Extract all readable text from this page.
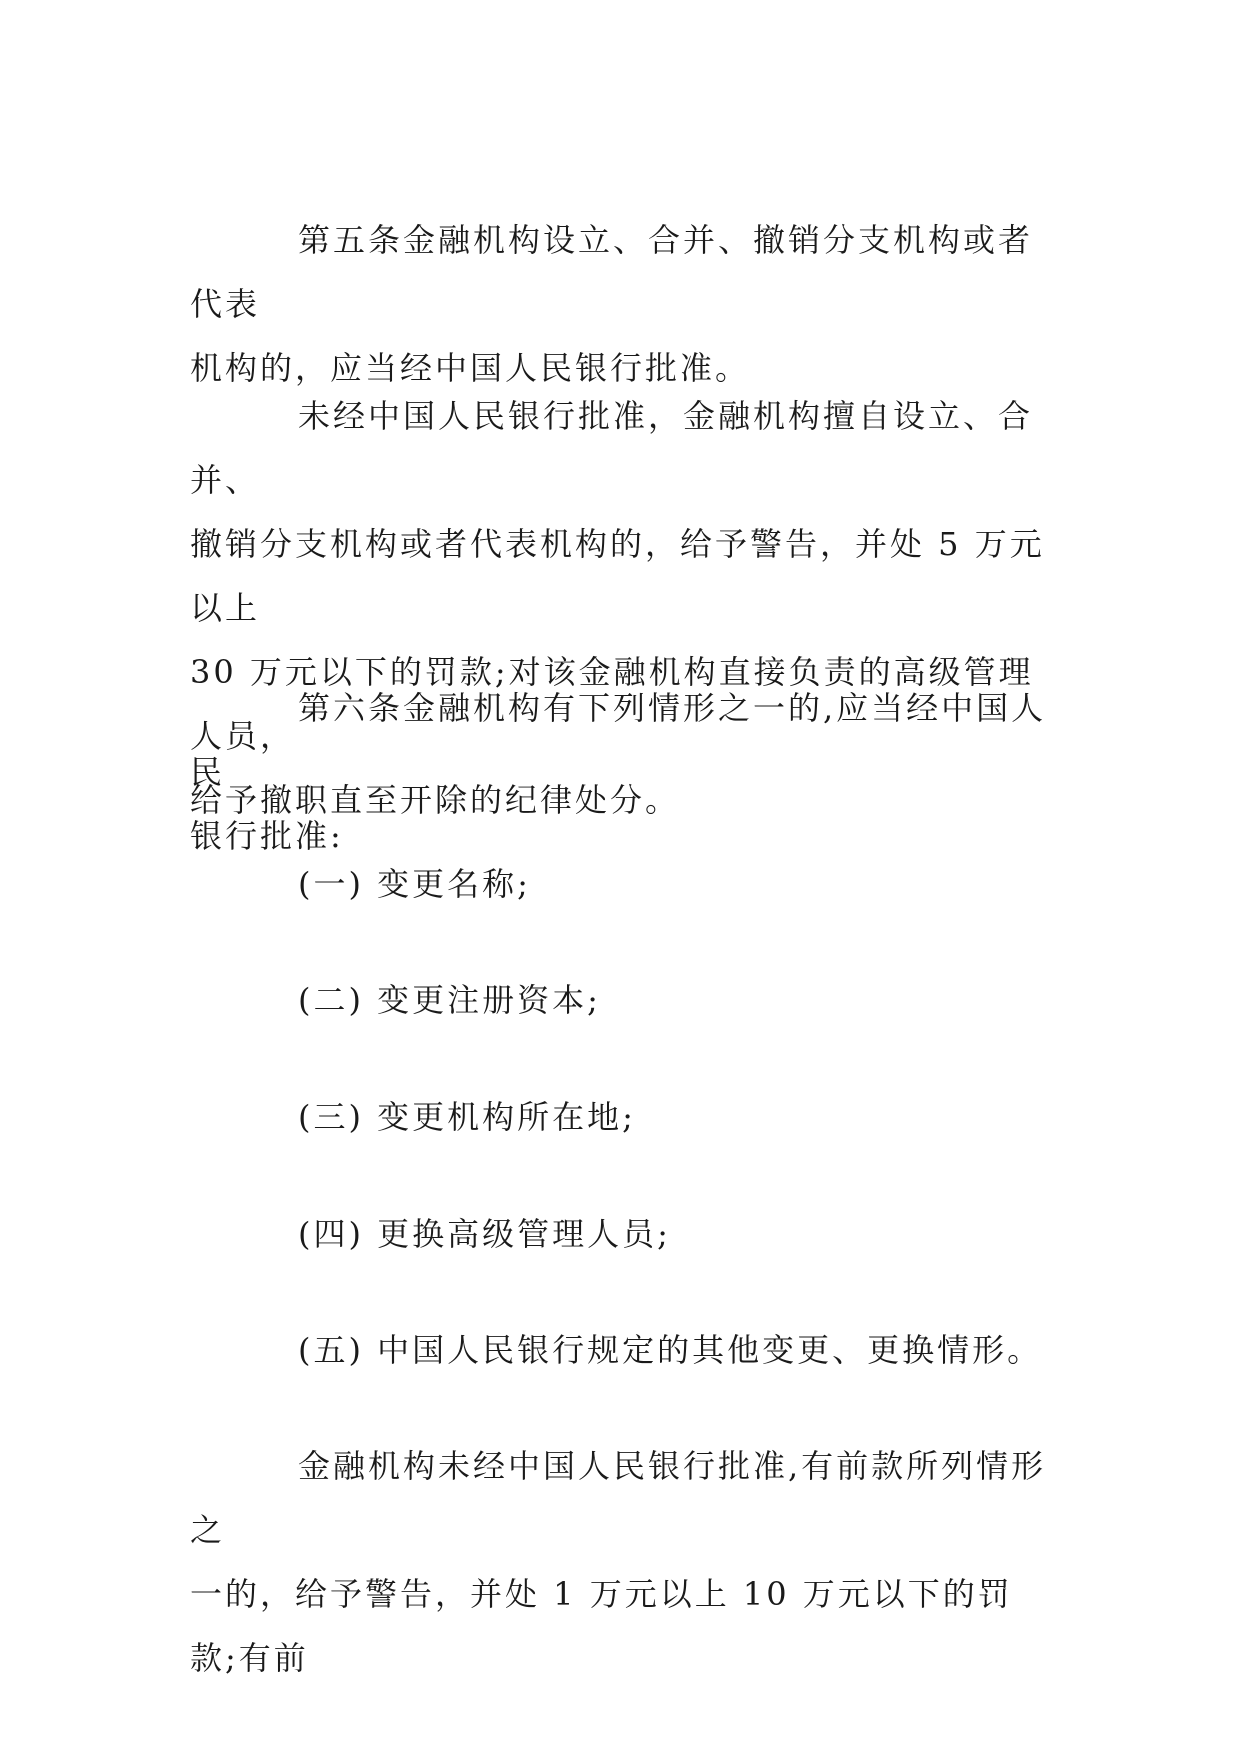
第五条金融机构设立、合并、撤销分支机构或者代表
机构的，应当经中国人民银行批准。

未经中国人民银行批准，金融机构擅自设立、合并、
撤销分支机构或者代表机构的，给予警告，并处 5 万元以上
30 万元以下的罚款;对该金融机构直接负责的高级管理人员，
给予撤职直至开除的纪律处分。

第六条金融机构有下列情形之一的,应当经中国人民
银行批准:

(一) 变更名称;

(二) 变更注册资本;

(三) 变更机构所在地;

(四) 更换高级管理人员;

(五) 中国人民银行规定的其他变更、更换情形。

金融机构未经中国人民银行批准,有前款所列情形之
一的，给予警告，并处 1 万元以上 10 万元以下的罚款;有前
